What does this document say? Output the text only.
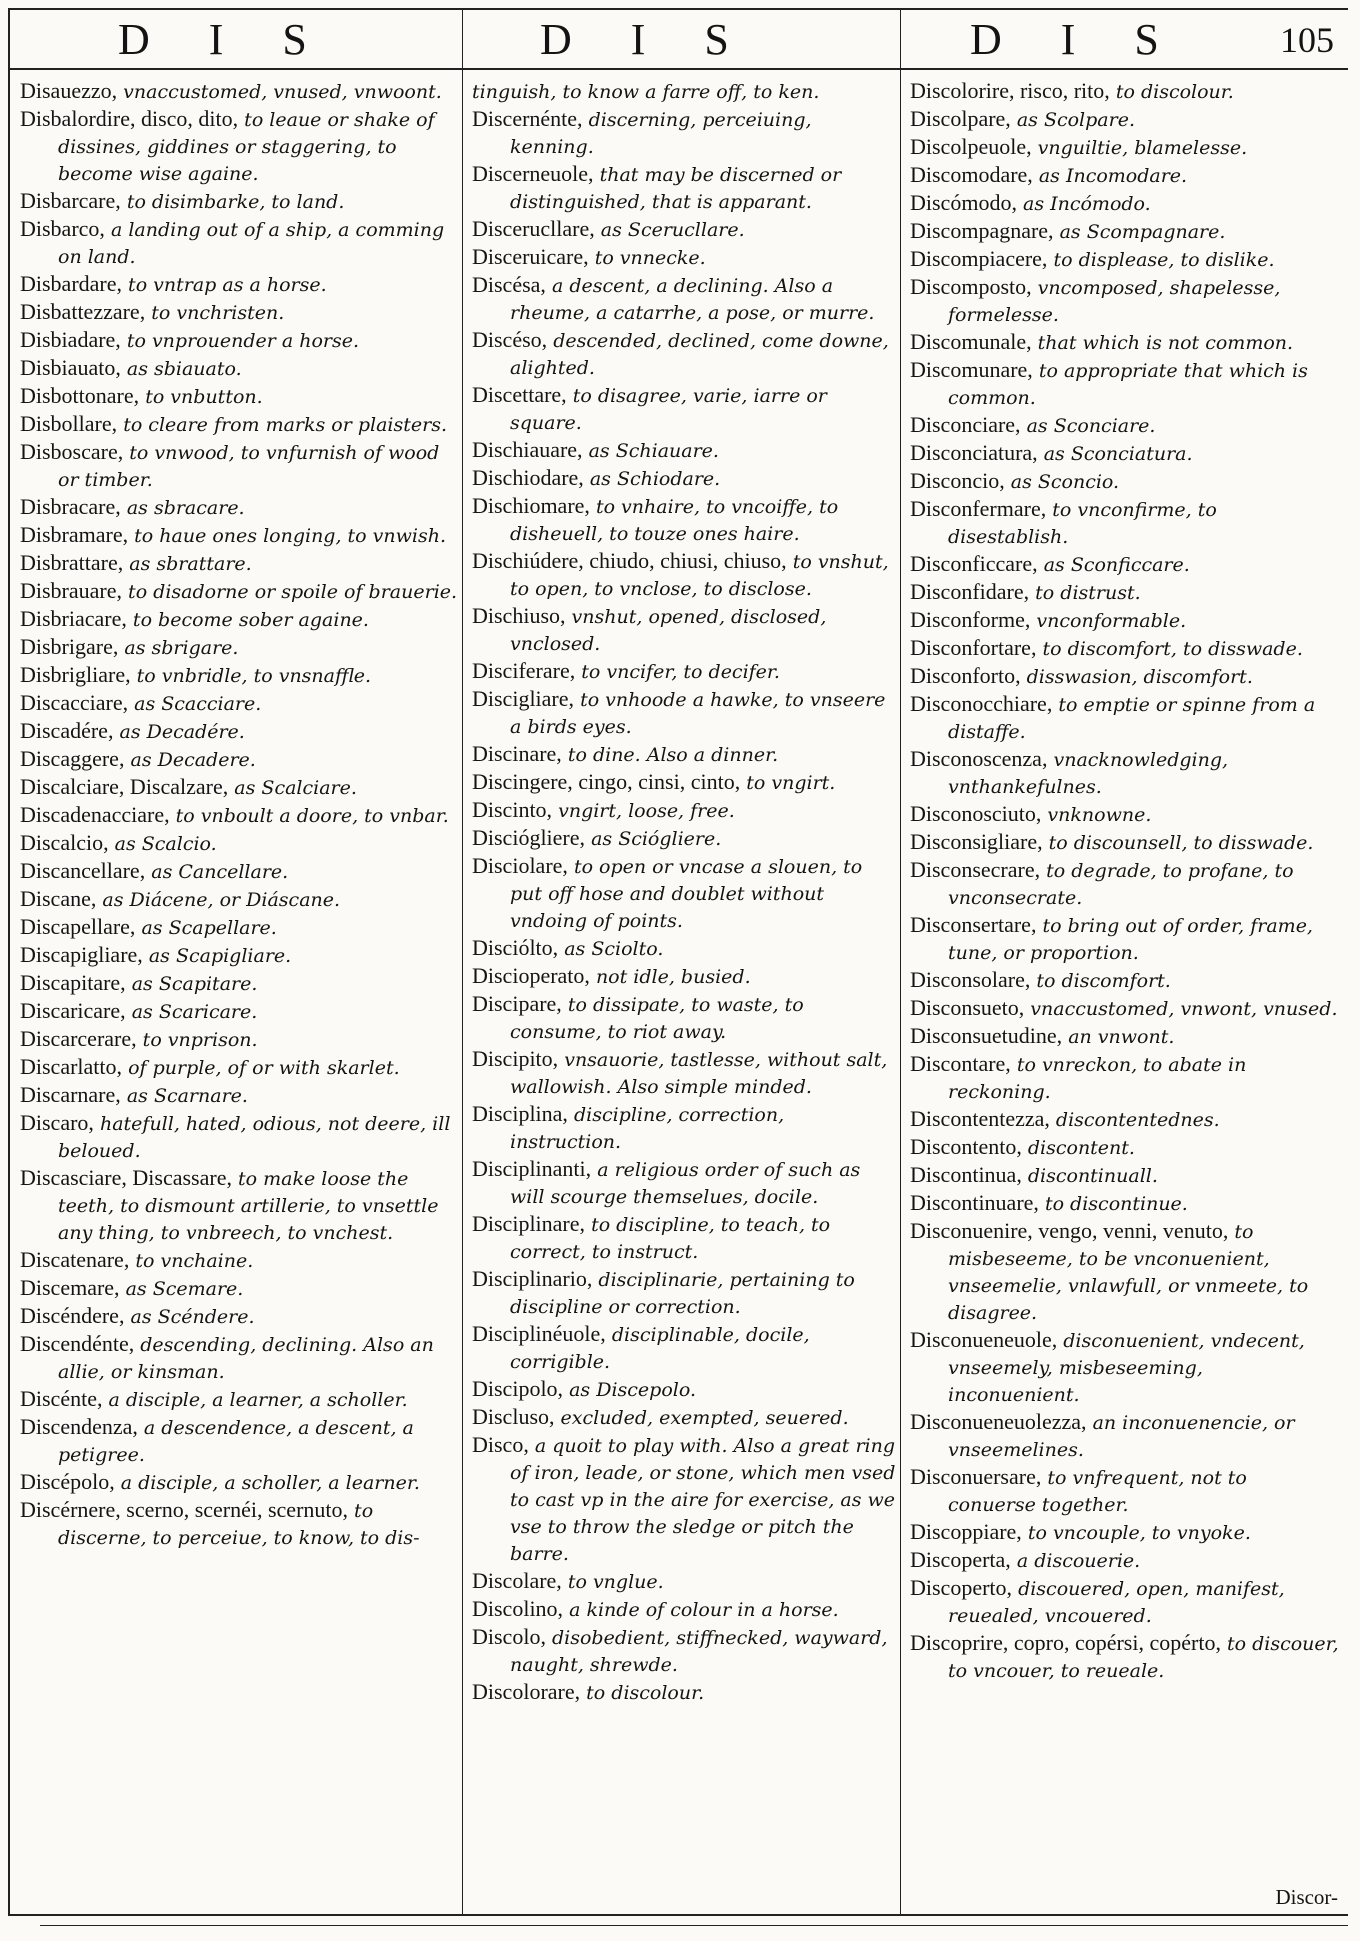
D I S	D I S	D I S	105
Disauezzo, vnaccustomed, vnused, vnwoont.
Disbalordire, disco, dito, to leaue or shake of dissines, giddines or staggering, to become wise againe.
Disbarcare, to disimbarke, to land.
Disbarco, a landing out of a ship, a comming on land.
Disbardare, to vntrap as a horse.
Disbattezzare, to vnchristen.
Disbiadare, to vnprouender a horse.
Disbiauato, as sbiauato.
Disbottonare, to vnbutton.
Disbollare, to cleare from marks or plaisters.
Disboscare, to vnwood, to vnfurnish of wood or timber.
Disbracare, as sbracare.
Disbramare, to haue ones longing, to vnwish.
Disbrattare, as sbrattare.
Disbrauare, to disadorne or spoile of brauerie.
Disbriacare, to become sober againe.
Disbrigare, as sbrigare.
Disbrigliare, to vnbridle, to vnsnaffle.
Discacciare, as Scacciare.
Discadére, as Decadére.
Discaggere, as Decadere.
Discalciare, Discalzare, as Scalciare.
Discadenacciare, to vnboult a doore, to vnbar.
Discalcio, as Scalcio.
Discancellare, as Cancellare.
Discane, as Diácene, or Diáscane.
Discapellare, as Scapellare.
Discapigliare, as Scapigliare.
Discapitare, as Scapitare.
Discaricare, as Scaricare.
Discarcerare, to vnprison.
Discarlatto, of purple, of or with skarlet.
Discarnare, as Scarnare.
Discaro, hatefull, hated, odious, not deere, ill beloued.
Discasciare, Discassare, to make loose the teeth, to dismount artillerie, to vnsettle any thing, to vnbreech, to vnchest.
Discatenare, to vnchaine.
Discemare, as Scemare.
Discéndere, as Scéndere.
Discendénte, descending, declining. Also an allie, or kinsman.
Discénte, a disciple, a learner, a scholler.
Discendenza, a descendence, a descent, a petigree.
Discépolo, a disciple, a scholler, a learner.
Discérnere, scerno, scernéi, scernuto, to discerne, to perceiue, to know, to dis-
tinguish, to know a farre off, to ken.
Discernénte, discerning, perceiuing, kenning.
Discerneuole, that may be discerned or distinguished, that is apparant.
Discerucllare, as Scerucllare.
Disceruicare, to vnnecke.
Discésa, a descent, a declining. Also a rheume, a catarrhe, a pose, or murre.
Discéso, descended, declined, come downe, alighted.
Discettare, to disagree, varie, iarre or square.
Dischiauare, as Schiauare.
Dischiodare, as Schiodare.
Dischiomare, to vnhaire, to vncoiffe, to disheuell, to touze ones haire.
Dischiúdere, chiudo, chiusi, chiuso, to vnshut, to open, to vnclose, to disclose.
Dischiuso, vnshut, opened, disclosed, vnclosed.
Disciferare, to vncifer, to decifer.
Discigliare, to vnhoode a hawke, to vnseere a birds eyes.
Discinare, to dine. Also a dinner.
Discingere, cingo, cinsi, cinto, to vngirt.
Discinto, vngirt, loose, free.
Disciógliere, as Sciógliere.
Disciolare, to open or vncase a slouen, to put off hose and doublet without vndoing of points.
Disciólto, as Sciolto.
Discioperato, not idle, busied.
Discipare, to dissipate, to waste, to consume, to riot away.
Discipito, vnsauorie, tastlesse, without salt, wallowish. Also simple minded.
Disciplina, discipline, correction, instruction.
Disciplinanti, a religious order of such as will scourge themselues, docile.
Disciplinare, to discipline, to teach, to correct, to instruct.
Disciplinario, disciplinarie, pertaining to discipline or correction.
Disciplinéuole, disciplinable, docile, corrigible.
Discipolo, as Discepolo.
Discluso, excluded, exempted, seuered.
Disco, a quoit to play with. Also a great ring of iron, leade, or stone, which men vsed to cast vp in the aire for exercise, as we vse to throw the sledge or pitch the barre.
Discolare, to vnglue.
Discolino, a kinde of colour in a horse.
Discolo, disobedient, stiffnecked, wayward, naught, shrewde.
Discolorare, to discolour.
Discolorire, risco, rito, to discolour.
Discolpare, as Scolpare.
Discolpeuole, vnguiltie, blamelesse.
Discomodare, as Incomodare.
Discómodo, as Incómodo.
Discompagnare, as Scompagnare.
Discompiacere, to displease, to dislike.
Discomposto, vncomposed, shapelesse, formelesse.
Discomunale, that which is not common.
Discomunare, to appropriate that which is common.
Disconciare, as Sconciare.
Disconciatura, as Sconciatura.
Disconcio, as Sconcio.
Disconfermare, to vnconfirme, to disestablish.
Disconficcare, as Sconficcare.
Disconfidare, to distrust.
Disconforme, vnconformable.
Disconfortare, to discomfort, to disswade.
Disconforto, disswasion, discomfort.
Disconocchiare, to emptie or spinne from a distaffe.
Disconoscenza, vnacknowledging, vnthankefulnes.
Disconosciuto, vnknowne.
Disconsigliare, to discounsell, to disswade.
Disconsecrare, to degrade, to profane, to vnconsecrate.
Disconsertare, to bring out of order, frame, tune, or proportion.
Disconsolare, to discomfort.
Disconsueto, vnaccustomed, vnwont, vnused.
Disconsuetudine, an vnwont.
Discontare, to vnreckon, to abate in reckoning.
Discontentezza, discontentednes.
Discontento, discontent.
Discontinua, discontinuall.
Discontinuare, to discontinue.
Disconuenire, vengo, venni, venuto, to misbeseeme, to be vnconuenient, vnseemelie, vnlawfull, or vnmeete, to disagree.
Disconueneuole, disconuenient, vndecent, vnseemely, misbeseeming, inconuenient.
Disconueneuolezza, an inconuenencie, or vnseemelines.
Disconuersare, to vnfrequent, not to conuerse together.
Discoppiare, to vncouple, to vnyoke.
Discoperta, a discouerie.
Discoperto, discouered, open, manifest, reuealed, vncouered.
Discoprire, copro, copérsi, copérto, to discouer, to vncouer, to reueale.
Discor-
